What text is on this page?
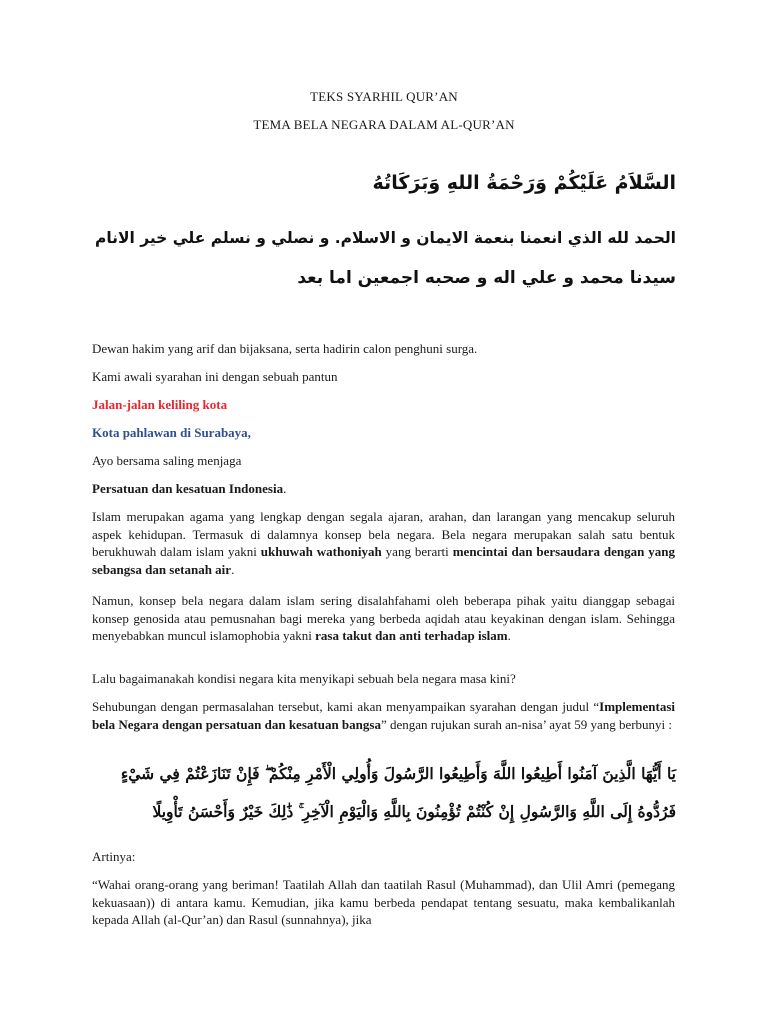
TEKS SYARHIL QUR’AN
TEMA BELA NEGARA DALAM AL-QUR’AN
السَّلاَمُ عَلَيْكُمْ وَرَحْمَةُ اللهِ وَبَرَكَاتُهُ
الحمد لله الذي انعمنا بنعمة الايمان و الاسلام. و نصلي و نسلم علي خير الانام
سيدنا محمد و علي اله و صحبه اجمعين اما بعد
Dewan hakim yang arif dan bijaksana, serta hadirin calon penghuni surga.
Kami awali syarahan ini dengan sebuah pantun
Jalan-jalan keliling kota
Kota pahlawan di Surabaya,
Ayo bersama saling menjaga
Persatuan dan kesatuan Indonesia.
Islam merupakan agama yang lengkap dengan segala ajaran, arahan, dan larangan yang mencakup seluruh aspek kehidupan. Termasuk di dalamnya konsep bela negara. Bela negara merupakan salah satu bentuk berukhuwah dalam islam yakni ukhuwah wathoniyah yang berarti mencintai dan bersaudara dengan yang sebangsa dan setanah air.
Namun, konsep bela negara dalam islam sering disalahfahami oleh beberapa pihak yaitu dianggap sebagai konsep genosida atau pemusnahan bagi mereka yang berbeda aqidah atau keyakinan dengan islam. Sehingga menyebabkan muncul islamophobia yakni rasa takut dan anti terhadap islam.
Lalu bagaimanakah kondisi negara kita menyikapi sebuah bela negara masa kini?
Sehubungan dengan permasalahan tersebut, kami akan menyampaikan syarahan dengan judul “Implementasi bela Negara dengan persatuan dan kesatuan bangsa” dengan rujukan surah an-nisa’ ayat 59 yang berbunyi :
يَا أَيُّهَا الَّذِينَ آمَنُوا أَطِيعُوا اللَّهَ وَأَطِيعُوا الرَّسُولَ وَأُولِي الْأَمْرِ مِنْكُمْ ۖ فَإِنْ تَنَازَعْتُمْ فِي شَيْءٍ
فَرُدُّوهُ إِلَى اللَّهِ وَالرَّسُولِ إِنْ كُنْتُمْ تُؤْمِنُونَ بِاللَّهِ وَالْيَوْمِ الْآخِرِ ۚ ذَٰلِكَ خَيْرٌ وَأَحْسَنُ تَأْوِيلًا
Artinya:
“Wahai orang-orang yang beriman! Taatilah Allah dan taatilah Rasul (Muhammad), dan Ulil Amri (pemegang kekuasaan)) di antara kamu. Kemudian, jika kamu berbeda pendapat tentang sesuatu, maka kembalikanlah kepada Allah (al-Qur’an) dan Rasul (sunnahnya), jika
